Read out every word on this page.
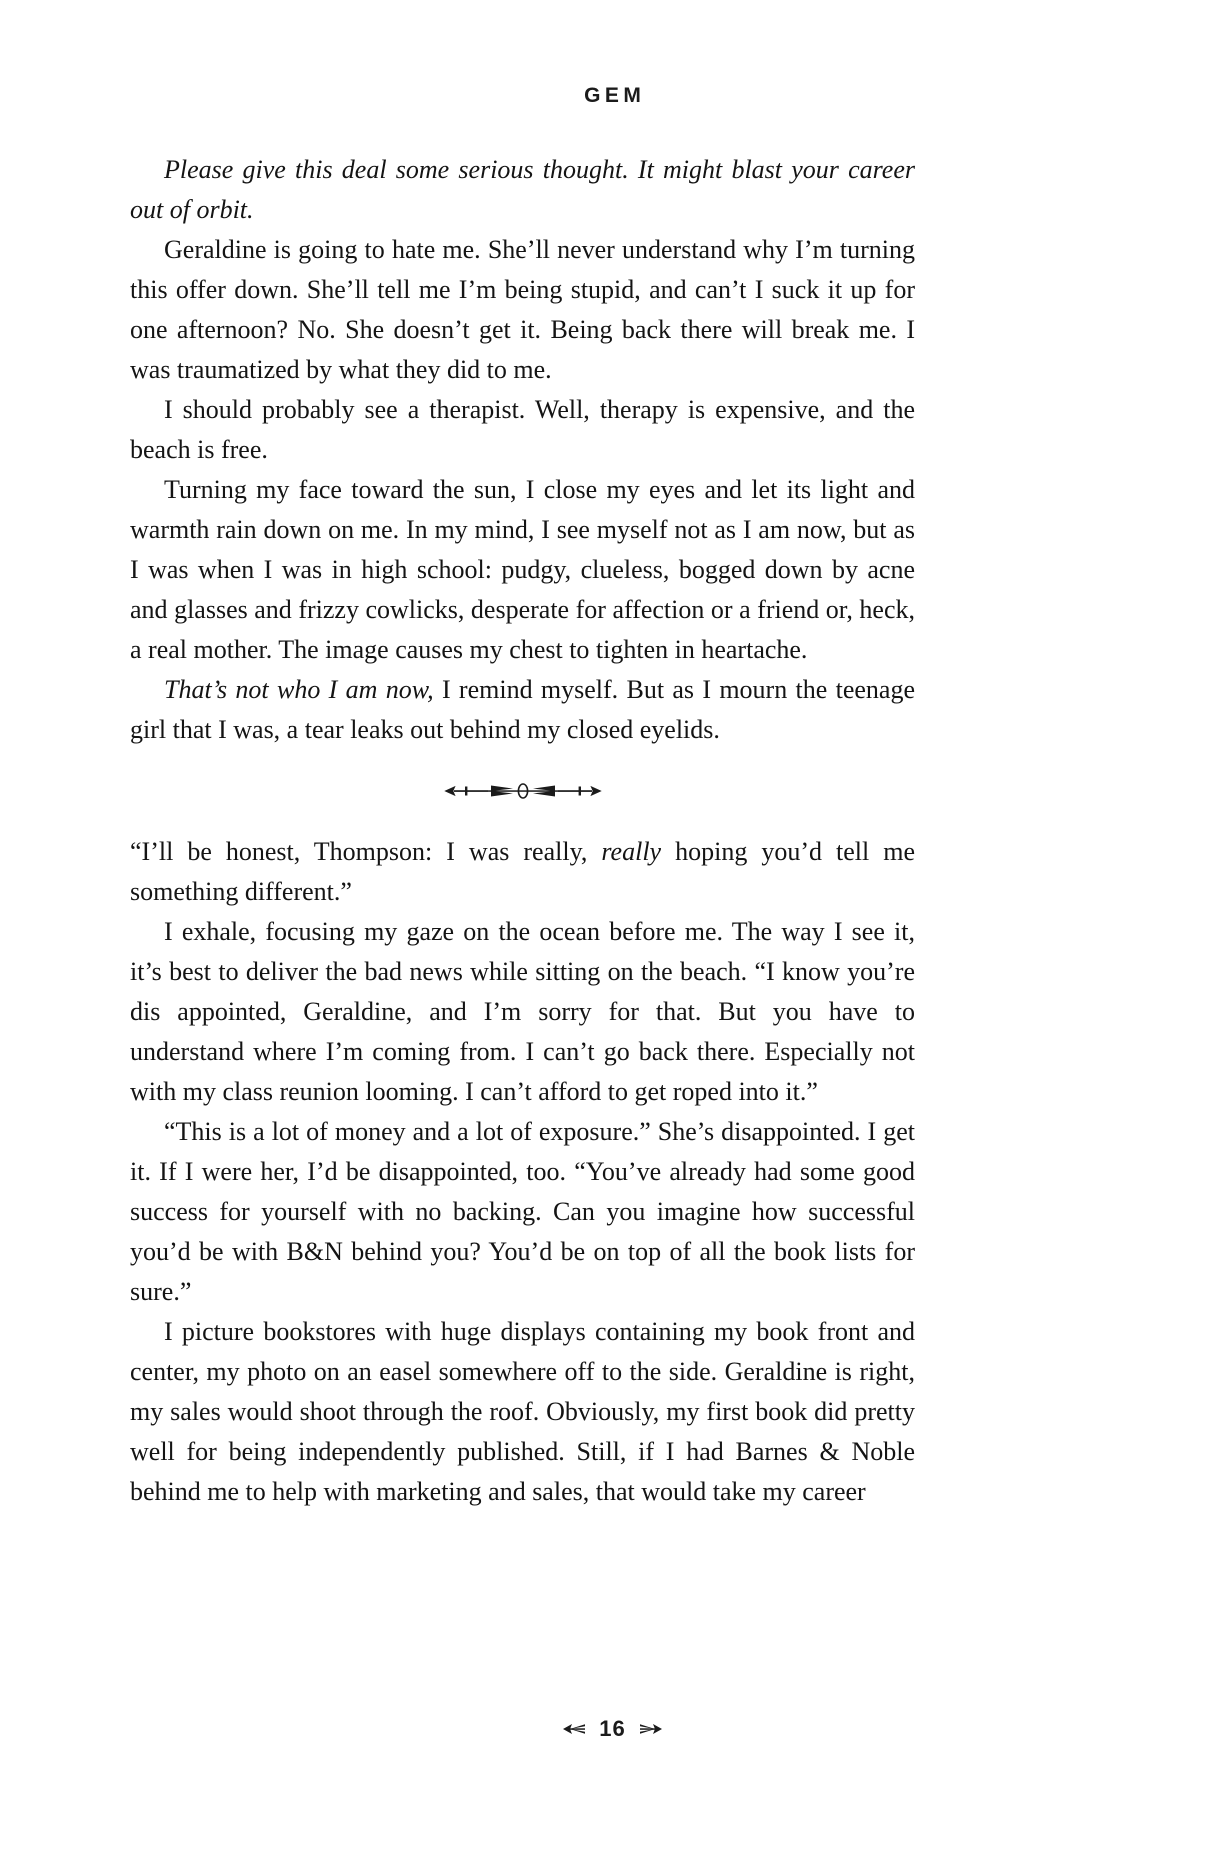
GEM

Please give this deal some serious thought. It might blast your career out of orbit.

Geraldine is going to hate me. She’ll never understand why I’m turning this offer down. She’ll tell me I’m being stupid, and can’t I suck it up for one afternoon? No. She doesn’t get it. Being back there will break me. I was traumatized by what they did to me.

I should probably see a therapist. Well, therapy is expensive, and the beach is free.

Turning my face toward the sun, I close my eyes and let its light and warmth rain down on me. In my mind, I see myself not as I am now, but as I was when I was in high school: pudgy, clueless, bogged down by acne and glasses and frizzy cowlicks, desperate for affection or a friend or, heck, a real mother. The image causes my chest to tighten in heartache.

That’s not who I am now, I remind myself. But as I mourn the teenage girl that I was, a tear leaks out behind my closed eyelids.

“I’ll be honest, Thompson: I was really, really hoping you’d tell me something different.”

I exhale, focusing my gaze on the ocean before me. The way I see it, it’s best to deliver the bad news while sitting on the beach. “I know you’re dis appointed, Geraldine, and I’m sorry for that. But you have to understand where I’m coming from. I can’t go back there. Especially not with my class reunion looming. I can’t afford to get roped into it.”

“This is a lot of money and a lot of exposure.” She’s disappointed. I get it. If I were her, I’d be disappointed, too. “You’ve already had some good success for yourself with no backing. Can you imagine how successful you’d be with B&N behind you? You’d be on top of all the book lists for sure.”

I picture bookstores with huge displays containing my book front and center, my photo on an easel somewhere off to the side. Geraldine is right, my sales would shoot through the roof. Obviously, my first book did pretty well for being independently published. Still, if I had Barnes & Noble behind me to help with marketing and sales, that would take my career

16
